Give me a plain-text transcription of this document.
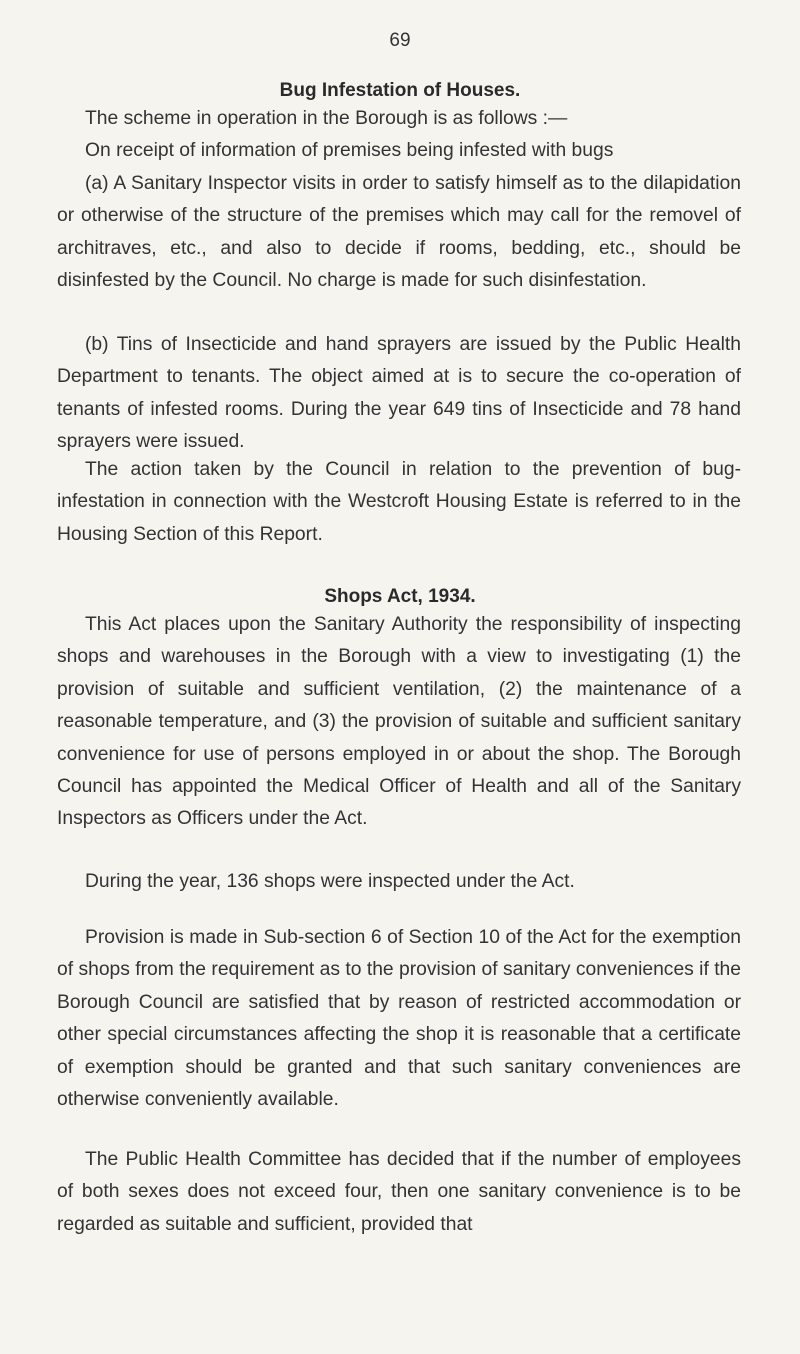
69
Bug Infestation of Houses.

The scheme in operation in the Borough is as follows :—

On receipt of information of premises being infested with bugs

(a) A Sanitary Inspector visits in order to satisfy himself as to the dilapidation or otherwise of the structure of the premises which may call for the removel of architraves, etc., and also to decide if rooms, bedding, etc., should be disinfested by the Council. No charge is made for such disinfestation.

(b) Tins of Insecticide and hand sprayers are issued by the Public Health Department to tenants. The object aimed at is to secure the co-operation of tenants of infested rooms. During the year 649 tins of Insecticide and 78 hand sprayers were issued.

The action taken by the Council in relation to the prevention of bug-infestation in connection with the Westcroft Housing Estate is referred to in the Housing Section of this Report.

Shops Act, 1934.

This Act places upon the Sanitary Authority the responsibility of inspecting shops and warehouses in the Borough with a view to investigating (1) the provision of suitable and sufficient ventilation, (2) the maintenance of a reasonable temperature, and (3) the provision of suitable and sufficient sanitary convenience for use of persons employed in or about the shop. The Borough Council has appointed the Medical Officer of Health and all of the Sanitary Inspectors as Officers under the Act.

During the year, 136 shops were inspected under the Act.

Provision is made in Sub-section 6 of Section 10 of the Act for the exemption of shops from the requirement as to the provision of sanitary conveniences if the Borough Council are satisfied that by reason of restricted accommodation or other special circumstances affecting the shop it is reasonable that a certificate of exemption should be granted and that such sanitary conveniences are otherwise conveniently available.

The Public Health Committee has decided that if the number of employees of both sexes does not exceed four, then one sanitary convenience is to be regarded as suitable and sufficient, provided that
